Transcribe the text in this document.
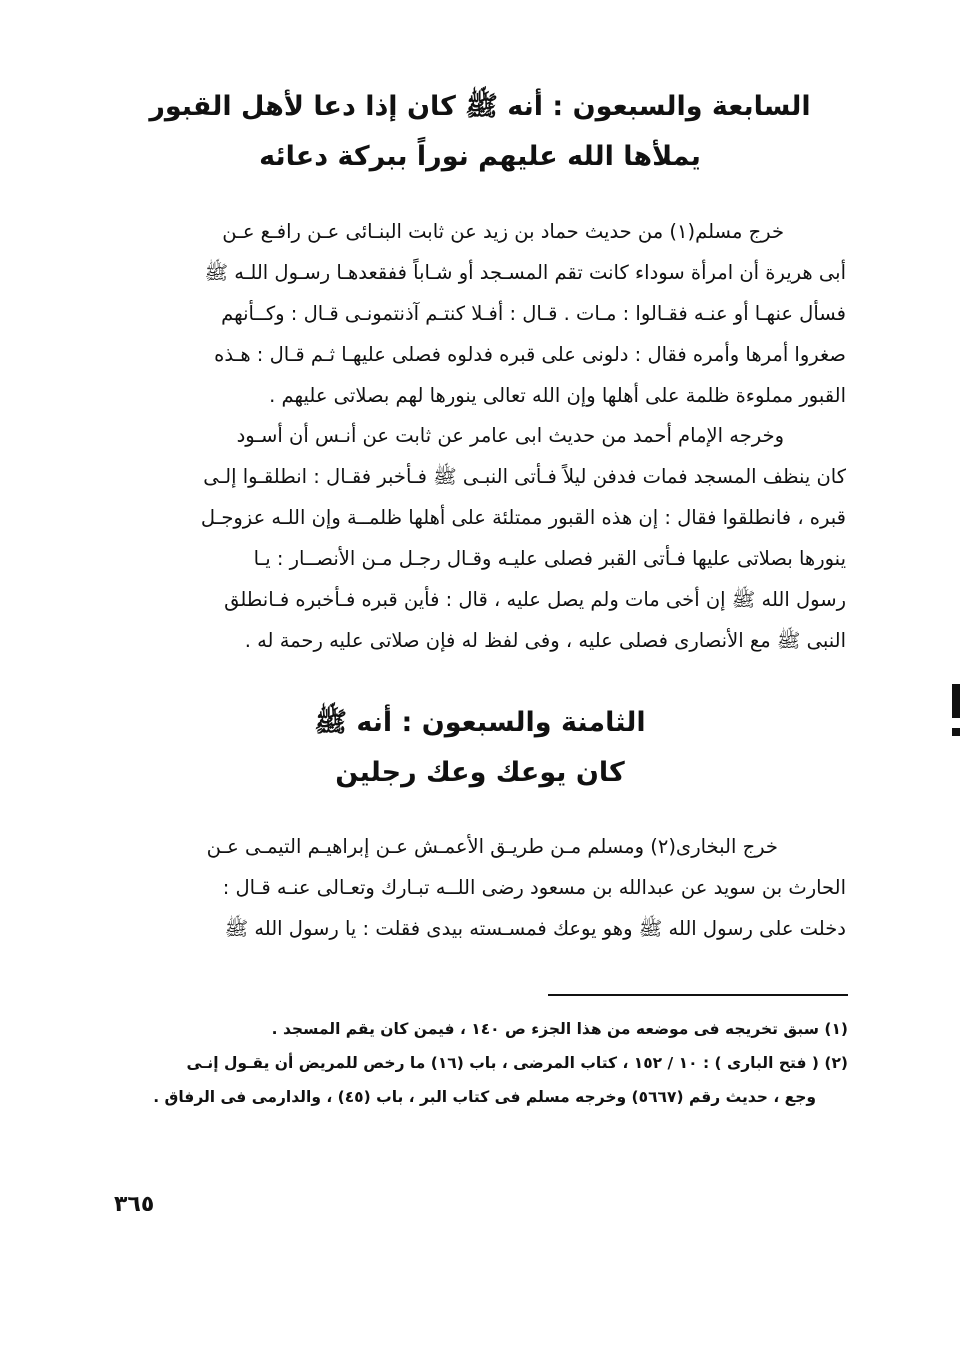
السابعة والسبعون : أنه ﷺ كان إذا دعا لأهل القبور
يملأها الله عليهم نوراً ببركة دعائه
خرج مسلم(١) من حديث حماد بن زيد عن ثابت البنـائى عـن رافـع عـن
أبى هريرة أن امرأة سوداء كانت تقم المسـجد أو شـاباً ففقعدهـا رسـول اللـه ﷺ
فسأل عنهـا أو عنـه فقـالوا : مـات . قـال : أفـلا كنتـم آذنتمونـى قـال : وكــأنهم
صغروا أمرها وأمره فقال : دلونى على قبره فدلوه فصلى عليهـا ثـم قـال : هـذه
القبور مملوءة ظلمة على أهلها وإن الله تعالى ينورها لهم بصلاتى عليهم .
وخرجه الإمام أحمد من حديث ابى عامر عن ثابت عن أنـس أن أسـود
كان ينظف المسجد فمات فدفن ليلاً فـأتى النبـى ﷺ فـأخبر فقـال : انطلقـوا إلـى
قبره ، فانطلقوا فقال : إن هذه القبور ممتلئة على أهلها ظلمــة وإن اللـه عزوجـل
ينورها بصلاتى عليها فـأتى القبر فصلى عليـه وقـال رجـل مـن الأنصــار : يـا
رسول الله ﷺ إن أخى مات ولم يصل عليه ، قال : فأين قبره فـأخبره فـانطلق
النبى ﷺ مع الأنصارى فصلى عليه ، وفى لفظ له فإن صلاتى عليه رحمة له .
الثامنة والسبعون : أنه ﷺ
كان يوعك وعك رجلين
خرج البخارى(٢) ومسلم مـن طريـق الأعمـش عـن إبراهيـم التيمـى عـن
الحارث بن سويد عن عبدالله بن مسعود رضى اللــه تبـارك وتعـالى عنـه قـال :
دخلت على رسول الله ﷺ وهو يوعك فمسـسته بيدى فقلت : يا رسول الله ﷺ
(١) سبق تخريجه فى موضعه من هذا الجزء ص ١٤٠ ، فيمن كان يقم المسجد .
(٢) ( فتح البارى ) : ١٠ / ١٥٢ ، كتاب المرضى ، باب (١٦) ما رخص للمريض أن يقـول إنـى
وجع ، حديث رقم (٥٦٦٧) وخرجه مسلم فى كتاب البر ، باب (٤٥) ، والدارمى فى الرفاق .
٣٦٥
